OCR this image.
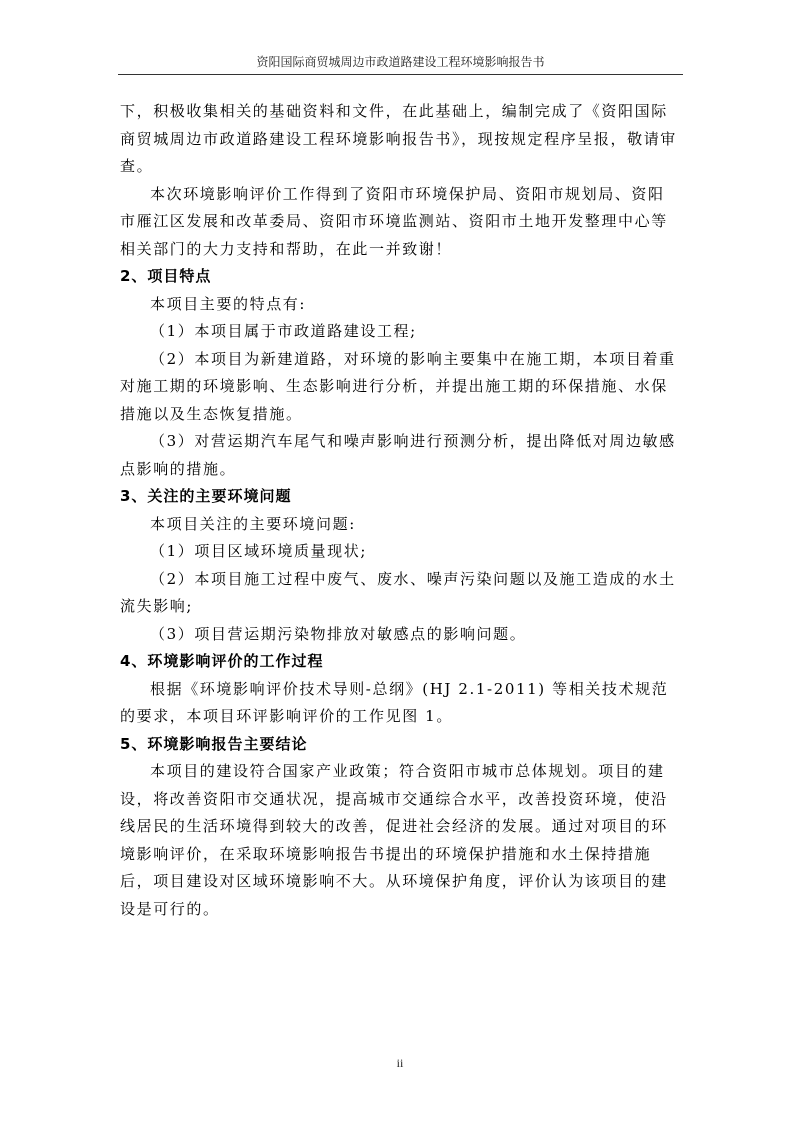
资阳国际商贸城周边市政道路建设工程环境影响报告书

下，积极收集相关的基础资料和文件，在此基础上，编制完成了《资阳国际商贸城周边市政道路建设工程环境影响报告书》，现按规定程序呈报，敬请审查。

本次环境影响评价工作得到了资阳市环境保护局、资阳市规划局、资阳市雁江区发展和改革委局、资阳市环境监测站、资阳市土地开发整理中心等相关部门的大力支持和帮助，在此一并致谢！

2、项目特点

本项目主要的特点有:

（1）本项目属于市政道路建设工程;

（2）本项目为新建道路，对环境的影响主要集中在施工期，本项目着重对施工期的环境影响、生态影响进行分析，并提出施工期的环保措施、水保措施以及生态恢复措施。

（3）对营运期汽车尾气和噪声影响进行预测分析，提出降低对周边敏感点影响的措施。

3、关注的主要环境问题

本项目关注的主要环境问题:

（1）项目区域环境质量现状;

（2）本项目施工过程中废气、废水、噪声污染问题以及施工造成的水土流失影响;

（3）项目营运期污染物排放对敏感点的影响问题。

4、环境影响评价的工作过程

根据《环境影响评价技术导则-总纲》(HJ 2.1-2011) 等相关技术规范的要求，本项目环评影响评价的工作见图 1。

5、环境影响报告主要结论

本项目的建设符合国家产业政策；符合资阳市城市总体规划。项目的建设，将改善资阳市交通状况，提高城市交通综合水平，改善投资环境，使沿线居民的生活环境得到较大的改善，促进社会经济的发展。通过对项目的环境影响评价，在采取环境影响报告书提出的环境保护措施和水土保持措施后，项目建设对区域环境影响不大。从环境保护角度，评价认为该项目的建设是可行的。

ii
